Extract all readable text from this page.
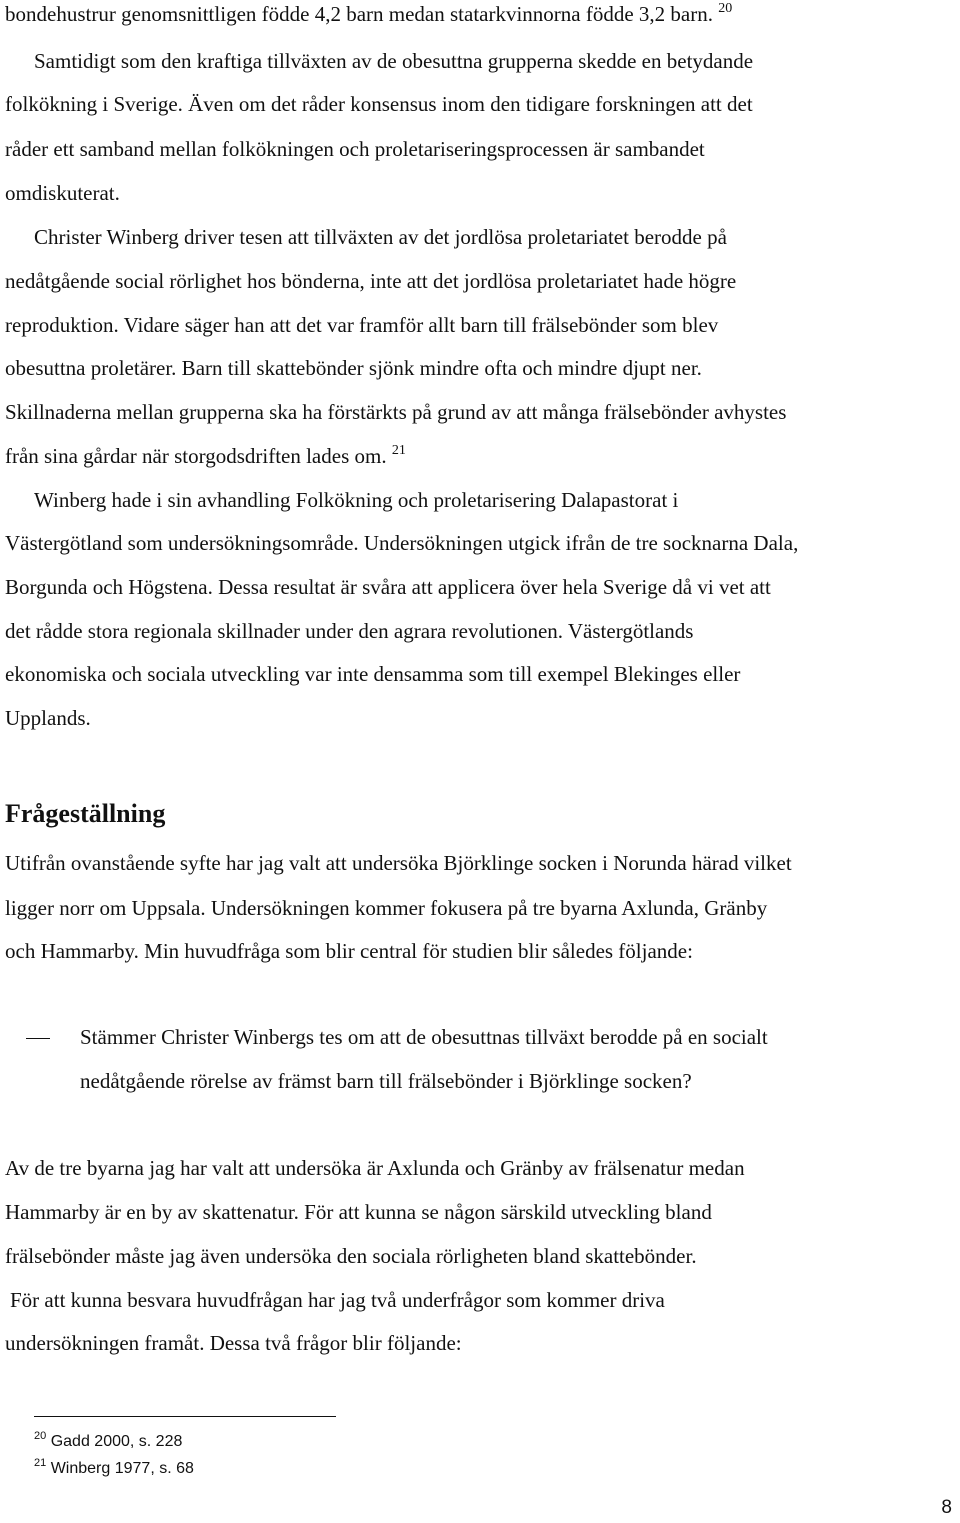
bondehustrur genomsnittligen födde 4,2 barn medan statarkvinnorna födde 3,2 barn. $^{20}$
Samtidigt som den kraftiga tillväxten av de obesuttna grupperna skedde en betydande
folkökning i Sverige. Även om det råder konsensus inom den tidigare forskningen att det
råder ett samband mellan folkökningen och proletariseringsprocessen är sambandet
omdiskuterat.
Christer Winberg driver tesen att tillväxten av det jordlösa proletariatet berodde på
nedåtgående social rörlighet hos bönderna, inte att det jordlösa proletariatet hade högre
reproduktion. Vidare säger han att det var framför allt barn till frälsebönder som blev
obesuttna proletärer. Barn till skattebönder sjönk mindre ofta och mindre djupt ner.
Skillnaderna mellan grupperna ska ha förstärkts på grund av att många frälsebönder avhystes
från sina gårdar när storgodsdriften lades om. $^{21}$
Winberg hade i sin avhandling Folkökning och proletarisering Dalapastorat i
Västergötland som undersökningsområde. Undersökningen utgick ifrån de tre socknarna Dala,
Borgunda och Högstena. Dessa resultat är svåra att applicera över hela Sverige då vi vet att
det rådde stora regionala skillnader under den agrara revolutionen. Västergötlands
ekonomiska och sociala utveckling var inte densamma som till exempel Blekinges eller
Upplands.
Frågeställning
Utifrån ovanstående syfte har jag valt att undersöka Björklinge socken i Norunda härad vilket
ligger norr om Uppsala. Undersökningen kommer fokusera på tre byarna Axlunda, Gränby
och Hammarby. Min huvudfråga som blir central för studien blir således följande:
Stämmer Christer Winbergs tes om att de obesuttnas tillväxt berodde på en socialt
nedåtgående rörelse av främst barn till frälsebönder i Björklinge socken?
Av de tre byarna jag har valt att undersöka är Axlunda och Gränby av frälsenatur medan
Hammarby är en by av skattenatur. För att kunna se någon särskild utveckling bland
frälsebönder måste jag även undersöka den sociala rörligheten bland skattebönder.
För att kunna besvara huvudfrågan har jag två underfrågor som kommer driva
undersökningen framåt. Dessa två frågor blir följande:
$^{20}$ Gadd 2000, s. 228
$^{21}$ Winberg 1977, s. 68
8
